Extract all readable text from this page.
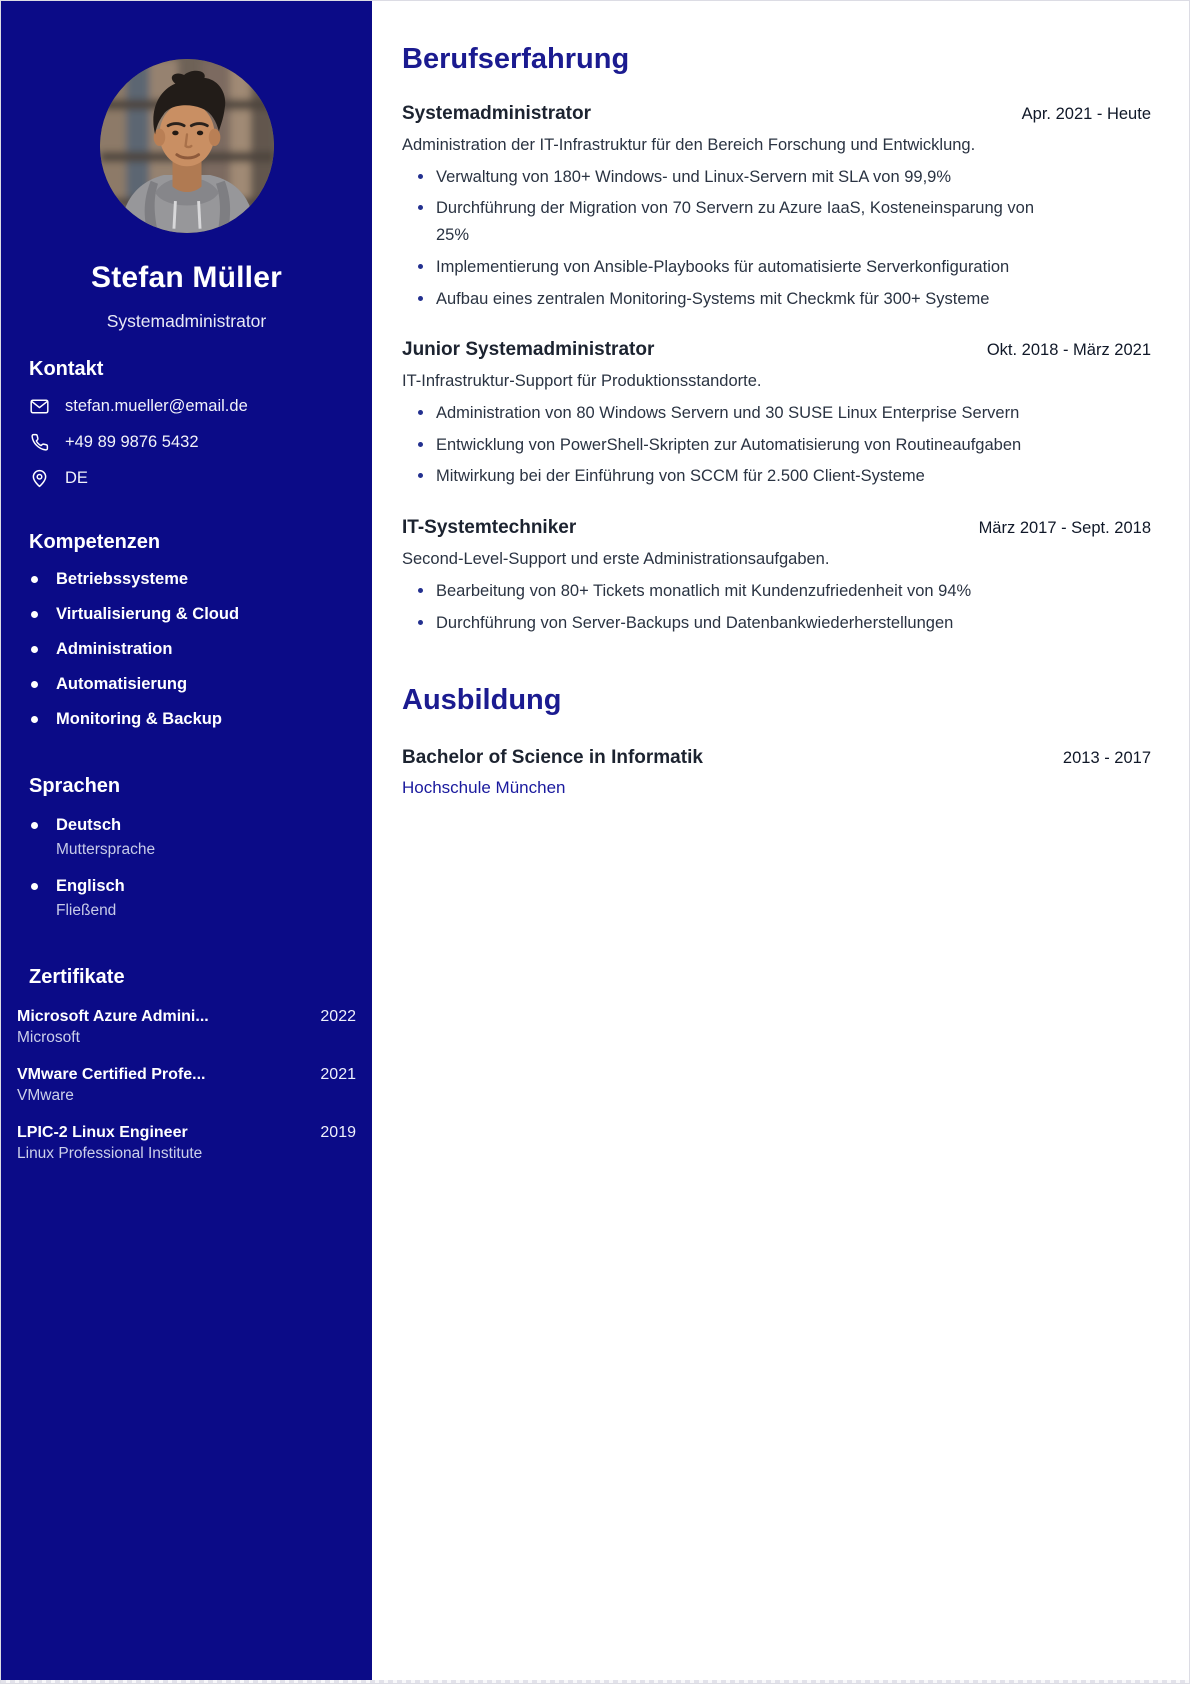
Stefan Müller
Systemadministrator
Kontakt
stefan.mueller@email.de
+49 89 9876 5432
DE
Kompetenzen
Betriebssysteme
Virtualisierung & Cloud
Administration
Automatisierung
Monitoring & Backup
Sprachen
Deutsch
Muttersprache
Englisch
Fließend
Zertifikate
Microsoft Azure Admini...	2022
Microsoft
VMware Certified Profe...	2021
VMware
LPIC-2 Linux Engineer	2019
Linux Professional Institute
Berufserfahrung
Systemadministrator	Apr. 2021 - Heute
Administration der IT-Infrastruktur für den Bereich Forschung und Entwicklung.
Verwaltung von 180+ Windows- und Linux-Servern mit SLA von 99,9%
Durchführung der Migration von 70 Servern zu Azure IaaS, Kosteneinsparung von 25%
Implementierung von Ansible-Playbooks für automatisierte Serverkonfiguration
Aufbau eines zentralen Monitoring-Systems mit Checkmk für 300+ Systeme
Junior Systemadministrator	Okt. 2018 - März 2021
IT-Infrastruktur-Support für Produktionsstandorte.
Administration von 80 Windows Servern und 30 SUSE Linux Enterprise Servern
Entwicklung von PowerShell-Skripten zur Automatisierung von Routineaufgaben
Mitwirkung bei der Einführung von SCCM für 2.500 Client-Systeme
IT-Systemtechniker	März 2017 - Sept. 2018
Second-Level-Support und erste Administrationsaufgaben.
Bearbeitung von 80+ Tickets monatlich mit Kundenzufriedenheit von 94%
Durchführung von Server-Backups und Datenbankwiederherstellungen
Ausbildung
Bachelor of Science in Informatik	2013 - 2017
Hochschule München
